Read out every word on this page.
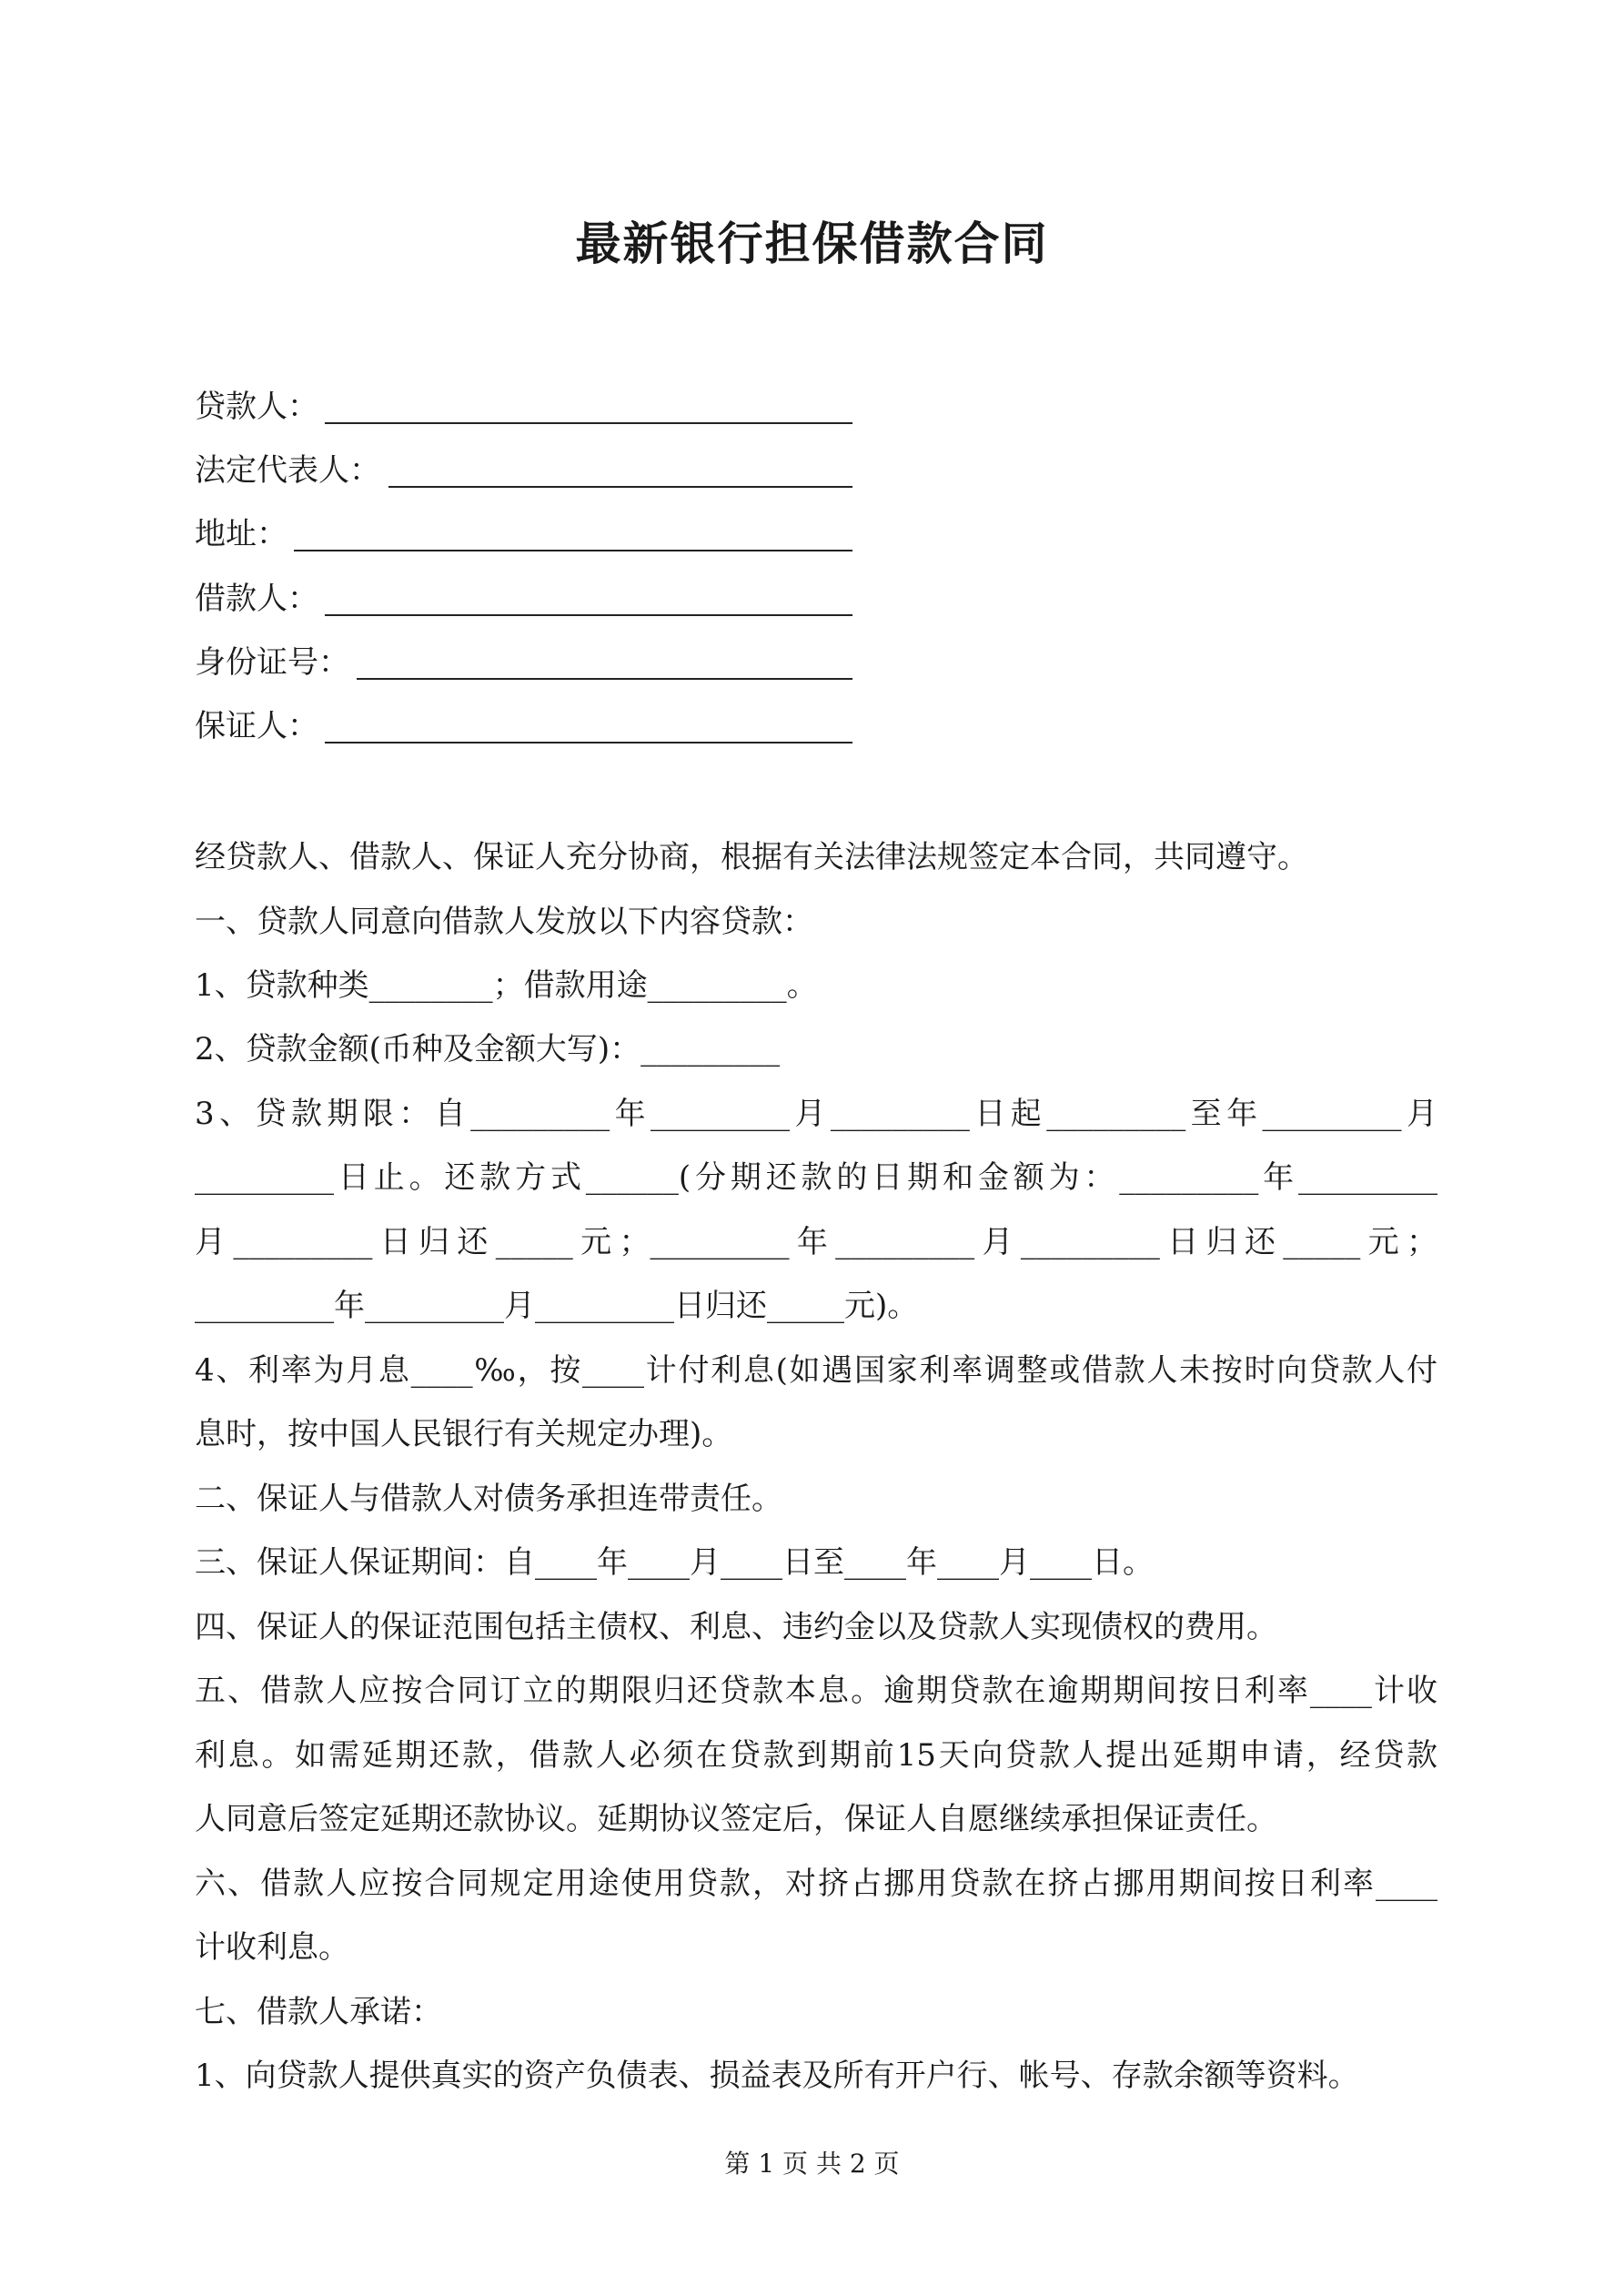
最新银行担保借款合同
贷款人：
法定代表人：
地址：
借款人：
身份证号：
保证人：
经贷款人、借款人、保证人充分协商，根据有关法律法规签定本合同，共同遵守。
一、贷款人同意向借款人发放以下内容贷款：
1、贷款种类________；借款用途_________。
2、贷款金额(币种及金额大写)：_________
3、贷款期限：自_________年_________月_________日起_________至年_________月
_________日止。还款方式______(分期还款的日期和金额为：_________年_________
月_________日归还_____元；_________年_________月_________日归还_____元；
_________年_________月_________日归还_____元)。
4、利率为月息____‰，按____计付利息(如遇国家利率调整或借款人未按时向贷款人付
息时，按中国人民银行有关规定办理)。
二、保证人与借款人对债务承担连带责任。
三、保证人保证期间：自____年____月____日至____年____月____日。
四、保证人的保证范围包括主债权、利息、违约金以及贷款人实现债权的费用。
五、借款人应按合同订立的期限归还贷款本息。逾期贷款在逾期期间按日利率____计收
利息。如需延期还款，借款人必须在贷款到期前15天向贷款人提出延期申请，经贷款
人同意后签定延期还款协议。延期协议签定后，保证人自愿继续承担保证责任。
六、借款人应按合同规定用途使用贷款，对挤占挪用贷款在挤占挪用期间按日利率____
计收利息。
七、借款人承诺：
1、向贷款人提供真实的资产负债表、损益表及所有开户行、帐号、存款余额等资料。
第 1 页 共 2 页
